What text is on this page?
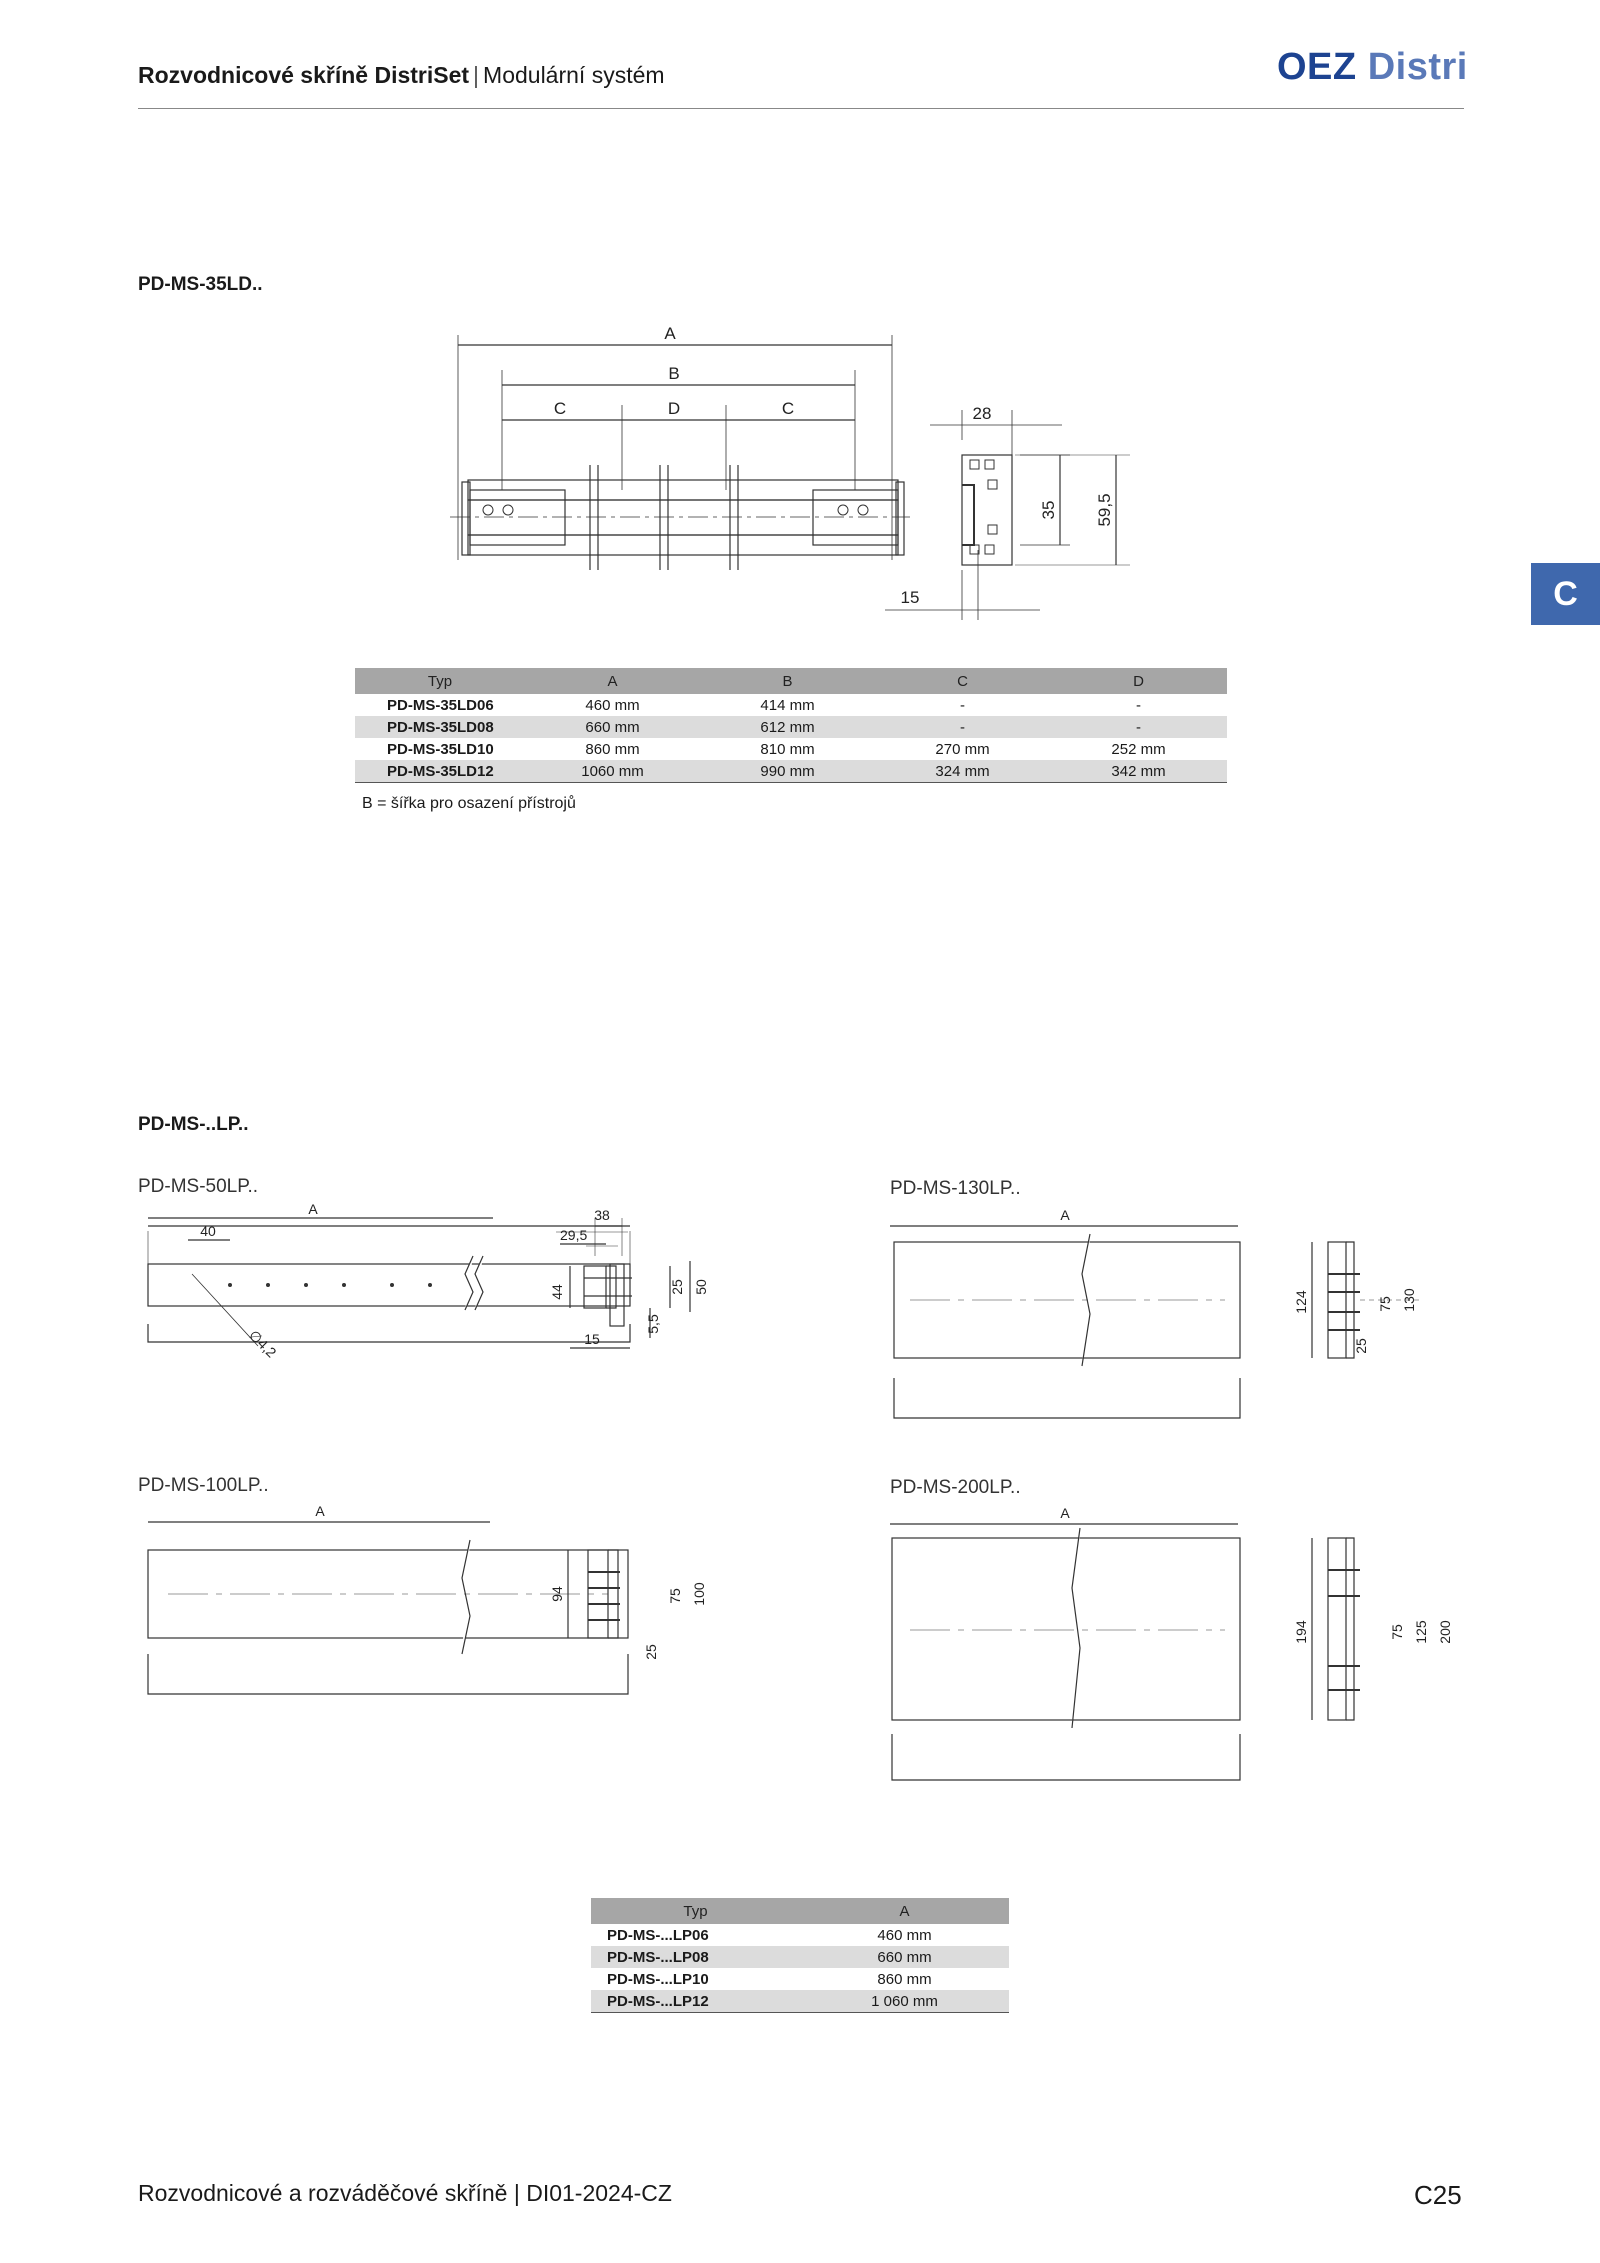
Rozvodnicové skříně DistriSet | Modulární systém	OEZ Distri
C
PD-MS-35LD..
A
B
C	D	C	28
35 59,5
15
Typ	A	B	C	D
PD-MS-35LD06	460 mm	414 mm	-	-
PD-MS-35LD08	660 mm	612 mm	-	-
PD-MS-35LD10	860 mm	810 mm	270 mm	252 mm
PD-MS-35LD12	1060 mm	990 mm	324 mm	342 mm
B = šířka pro osazení přístrojů
PD-MS-..LP..
PD-MS-50LP..
A
40
∅4,2
38
29,5
44	25 50
5,5
15
PD-MS-130LP..
A
124	75 130
25
PD-MS-100LP..
A
94	75 100
25
PD-MS-200LP..
A
194	75 125 200
Typ	A
PD-MS-...LP06	460 mm
PD-MS-...LP08	660 mm
PD-MS-...LP10	860 mm
PD-MS-...LP12	1 060 mm
Rozvodnicové a rozváděčové skříně | DI01-2024-CZ	C25
